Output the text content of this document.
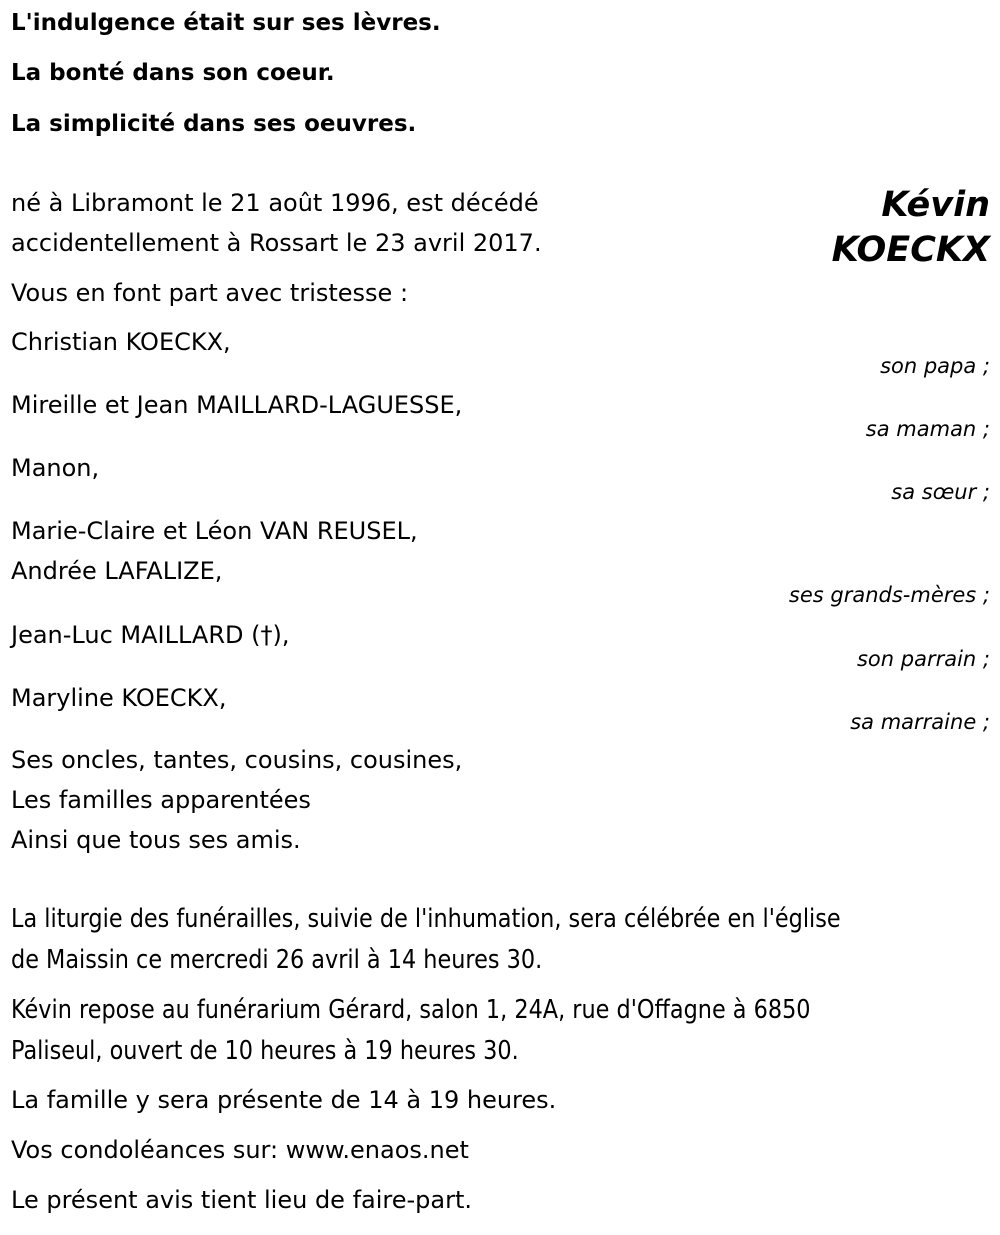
L'indulgence était sur ses lèvres.
La bonté dans son coeur.
La simplicité dans ses oeuvres.
Kévin
KOECKX
né à Libramont le 21 août 1996, est décédé
accidentellement à Rossart le 23 avril 2017.
Vous en font part avec tristesse :
Christian KOECKX,
son papa ;
Mireille et Jean MAILLARD-LAGUESSE,
sa maman ;
Manon,
sa sœur ;
Marie-Claire et Léon VAN REUSEL,
Andrée LAFALIZE,
ses grands-mères ;
Jean-Luc MAILLARD (†),
son parrain ;
Maryline KOECKX,
sa marraine ;
Ses oncles, tantes, cousins, cousines,
Les familles apparentées
Ainsi que tous ses amis.
La liturgie des funérailles, suivie de l'inhumation, sera célébrée en l'église
de Maissin ce mercredi 26 avril à 14 heures 30.
Kévin repose au funérarium Gérard, salon 1, 24A, rue d'Offagne à 6850
Paliseul, ouvert de 10 heures à 19 heures 30.
La famille y sera présente de 14 à 19 heures.
Vos condoléances sur: www.enaos.net
Le présent avis tient lieu de faire-part.
